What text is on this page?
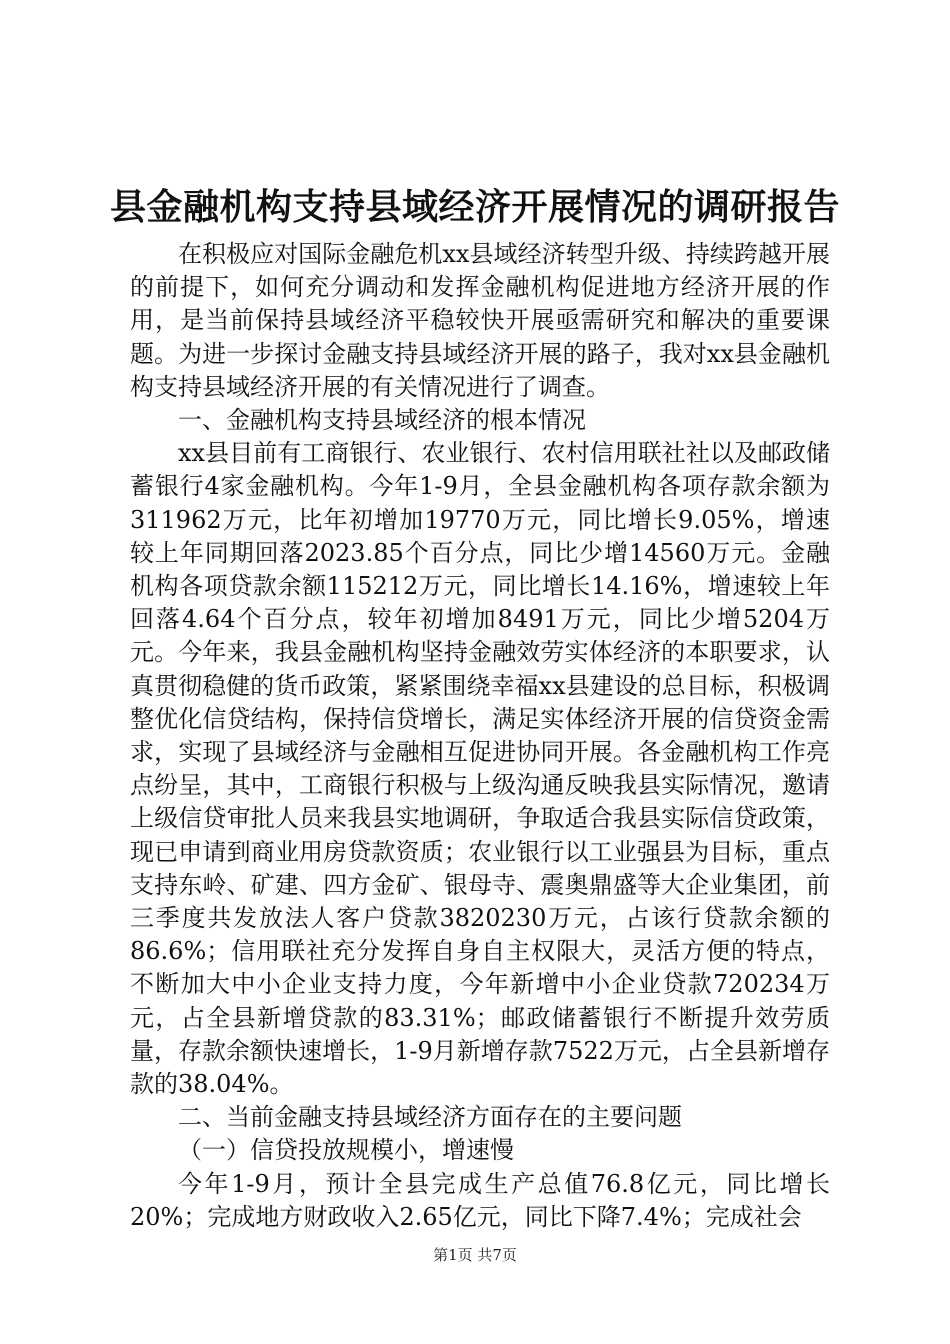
县金融机构支持县域经济开展情况的调研报告

在积极应对国际金融危机xx县域经济转型升级、持续跨越开展的前提下，如何充分调动和发挥金融机构促进地方经济开展的作用，是当前保持县域经济平稳较快开展亟需研究和解决的重要课题。为进一步探讨金融支持县域经济开展的路子，我对xx县金融机构支持县域经济开展的有关情况进行了调查。

一、金融机构支持县域经济的根本情况

xx县目前有工商银行、农业银行、农村信用联社社以及邮政储蓄银行4家金融机构。今年1-9月，全县金融机构各项存款余额为311962万元，比年初增加19770万元，同比增长9.05%，增速较上年同期回落2023.85个百分点，同比少增14560万元。金融机构各项贷款余额115212万元，同比增长14.16%，增速较上年回落4.64个百分点，较年初增加8491万元，同比少增5204万元。今年来，我县金融机构坚持金融效劳实体经济的本职要求，认真贯彻稳健的货币政策，紧紧围绕幸福xx县建设的总目标，积极调整优化信贷结构，保持信贷增长，满足实体经济开展的信贷资金需求，实现了县域经济与金融相互促进协同开展。各金融机构工作亮点纷呈，其中，工商银行积极与上级沟通反映我县实际情况，邀请上级信贷审批人员来我县实地调研，争取适合我县实际信贷政策，现已申请到商业用房贷款资质；农业银行以工业强县为目标，重点支持东岭、矿建、四方金矿、银母寺、震奥鼎盛等大企业集团，前三季度共发放法人客户贷款3820230万元，占该行贷款余额的86.6%；信用联社充分发挥自身自主权限大，灵活方便的特点，不断加大中小企业支持力度，今年新增中小企业贷款720234万元，占全县新增贷款的83.31%；邮政储蓄银行不断提升效劳质量，存款余额快速增长，1-9月新增存款7522万元，占全县新增存款的38.04%。

二、当前金融支持县域经济方面存在的主要问题

（一）信贷投放规模小，增速慢

今年1-9月，预计全县完成生产总值76.8亿元，同比增长20%；完成地方财政收入2.65亿元，同比下降7.4%；完成社会

第1页 共7页
